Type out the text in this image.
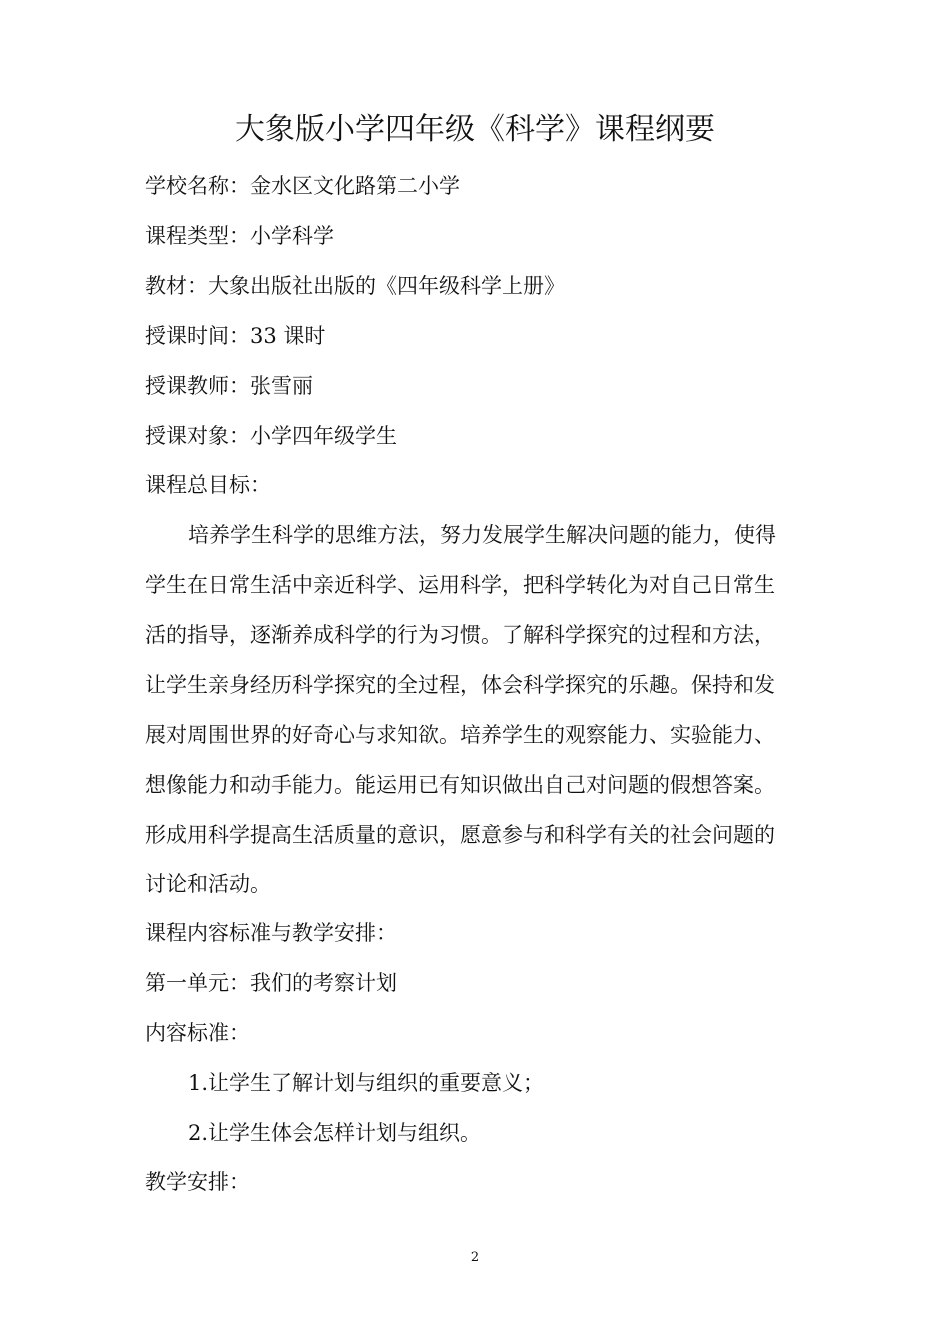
大象版小学四年级《科学》课程纲要
学校名称：金水区文化路第二小学
课程类型：小学科学
教材：大象出版社出版的《四年级科学上册》
授课时间：33 课时
授课教师：张雪丽
授课对象：小学四年级学生
课程总目标：
培养学生科学的思维方法，努力发展学生解决问题的能力，使得
学生在日常生活中亲近科学、运用科学，把科学转化为对自己日常生
活的指导，逐渐养成科学的行为习惯。了解科学探究的过程和方法，
让学生亲身经历科学探究的全过程，体会科学探究的乐趣。保持和发
展对周围世界的好奇心与求知欲。培养学生的观察能力、实验能力、
想像能力和动手能力。能运用已有知识做出自己对问题的假想答案。
形成用科学提高生活质量的意识，愿意参与和科学有关的社会问题的
讨论和活动。
课程内容标准与教学安排：
第一单元：我们的考察计划
内容标准：
1.让学生了解计划与组织的重要意义；
2.让学生体会怎样计划与组织。
教学安排：
2
